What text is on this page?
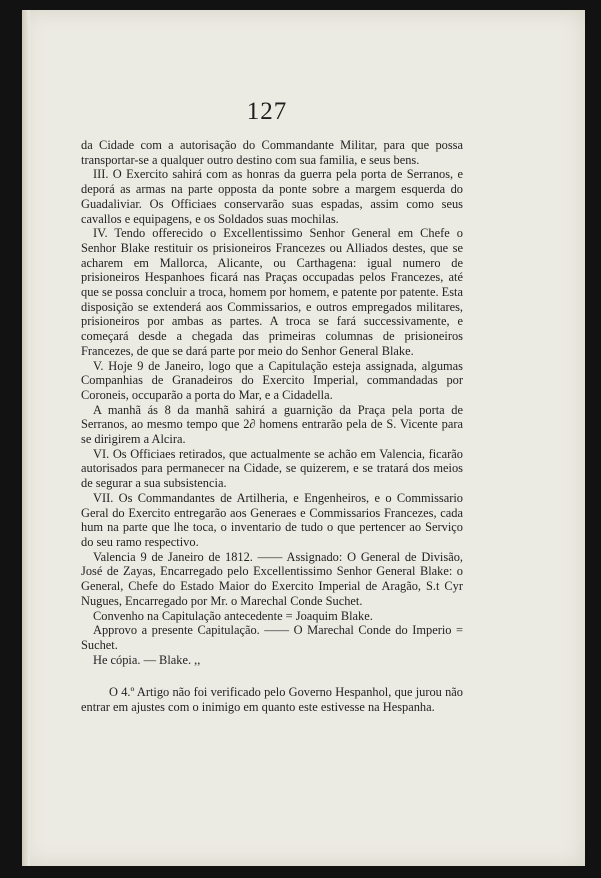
127

da Cidade com a autorisação do Commandante Militar, para que possa transportar-se a qualquer outro destino com sua familia, e seus bens.

III. O Exercito sahirá com as honras da guerra pela porta de Serranos, e deporá as armas na parte opposta da ponte sobre a margem esquerda do Guadaliviar. Os Officiaes conservarão suas espadas, assim como seus cavallos e equipagens, e os Soldados suas mochilas.

IV. Tendo offerecido o Excellentissimo Senhor General em Chefe o Senhor Blake restituir os prisioneiros Francezes ou Alliados destes, que se acharem em Mallorca, Alicante, ou Carthagena: igual numero de prisioneiros Hespanhoes ficará nas Praças occupadas pelos Francezes, até que se possa concluir a troca, homem por homem, e patente por patente. Esta disposição se extenderá aos Commissarios, e outros empregados militares, prisioneiros por ambas as partes. A troca se fará successivamente, e começará desde a chegada das primeiras columnas de prisioneiros Francezes, de que se dará parte por meio do Senhor General Blake.

V. Hoje 9 de Janeiro, logo que a Capitulação esteja assignada, algumas Companhias de Granadeiros do Exercito Imperial, commandadas por Coroneis, occuparão a porta do Mar, e a Cidadella.

A manhã ás 8 da manhã sahirá a guarnição da Praça pela porta de Serranos, ao mesmo tempo que 2∂ homens entrarão pela de S. Vicente para se dirigirem a Alcira.

VI. Os Officiaes retirados, que actualmente se achão em Valencia, ficarão autorisados para permanecer na Cidade, se quizerem, e se tratará dos meios de segurar a sua subsistencia.

VII. Os Commandantes de Artilheria, e Engenheiros, e o Commissario Geral do Exercito entregarão aos Generaes e Commissarios Francezes, cada hum na parte que lhe toca, o inventario de tudo o que pertencer ao Serviço do seu ramo respectivo.

Valencia 9 de Janeiro de 1812. —— Assignado: O General de Divisão, José de Zayas, Encarregado pelo Excellentissimo Senhor General Blake: o General, Chefe do Estado Maior do Exercito Imperial de Aragão, S.t Cyr Nugues, Encarregado por Mr. o Marechal Conde Suchet.

Convenho na Capitulação antecedente = Joaquim Blake.

Approvo a presente Capitulação. —— O Marechal Conde do Imperio = Suchet.

He cópia. — Blake. ,,

O 4.º Artigo não foi verificado pelo Governo Hespanhol, que jurou não entrar em ajustes com o inimigo em quanto este estivesse na Hespanha.
